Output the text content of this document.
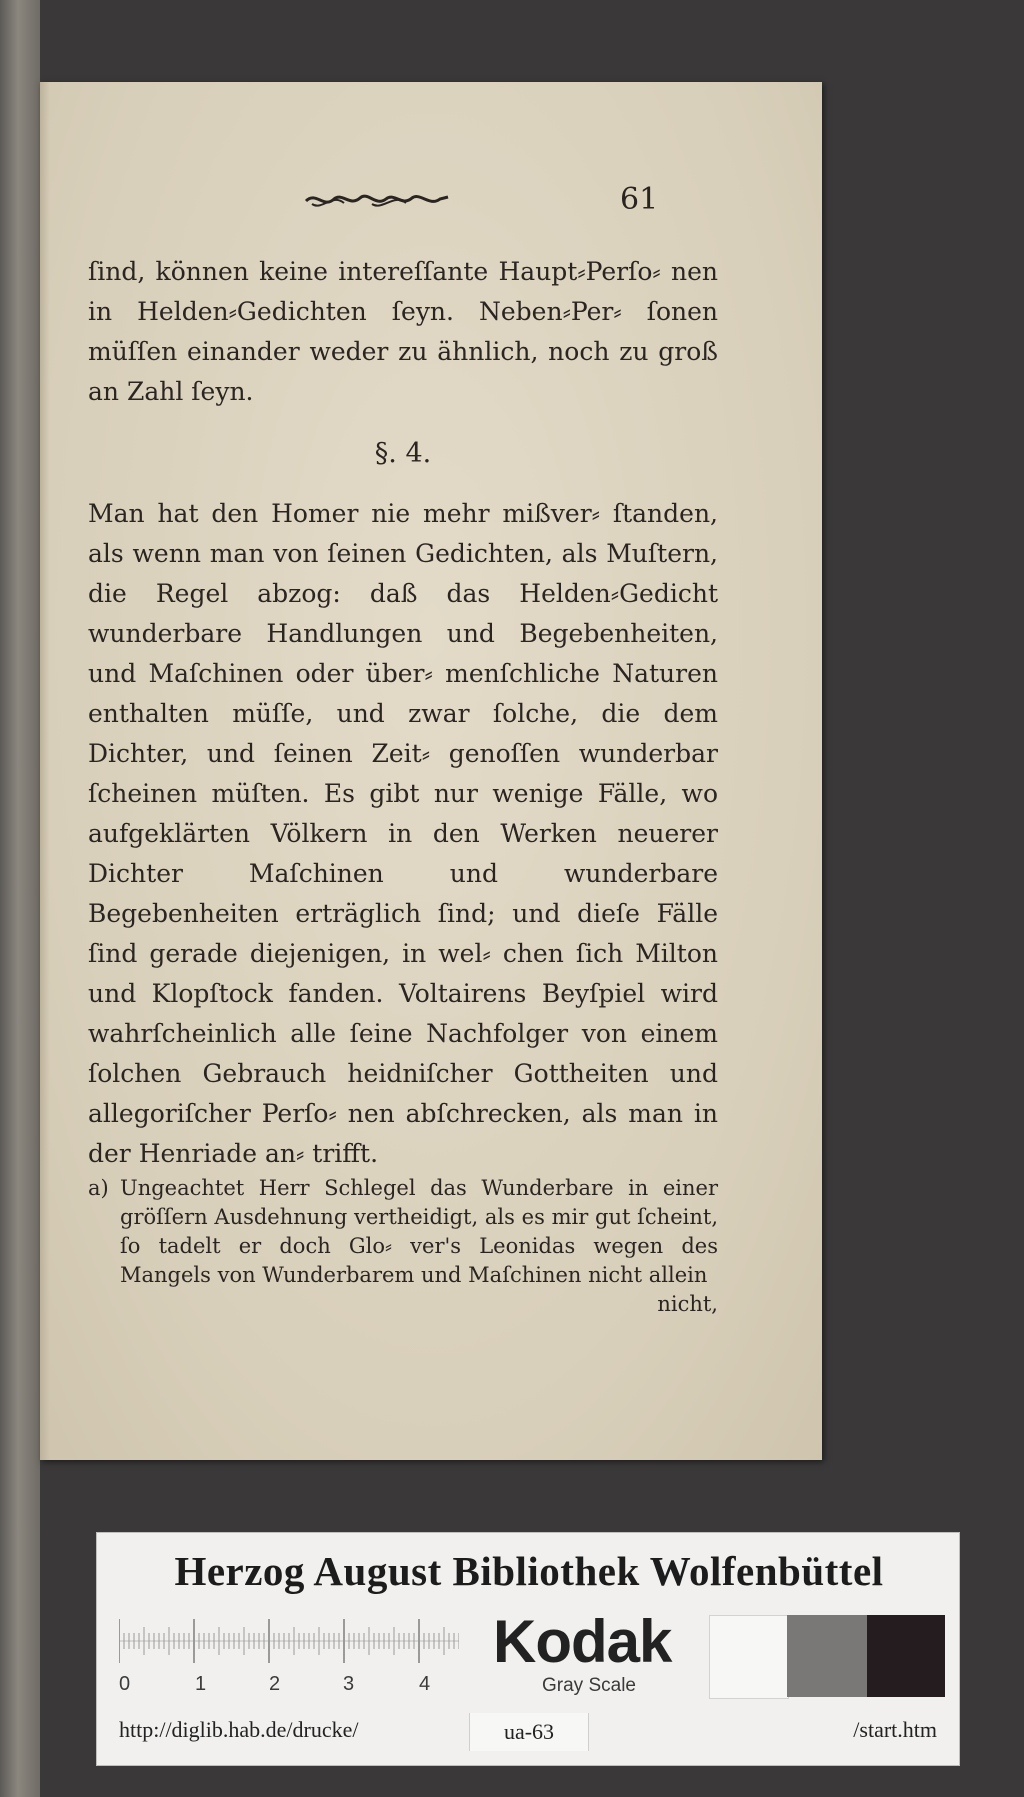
61

ſind, können keine intereſſante Haupt⸗Perſo⸗ nen in Helden⸗Gedichten ſeyn. Neben⸗Per⸗ ſonen müſſen einander weder zu ähnlich, noch zu groß an Zahl ſeyn.

§. 4.

Man hat den Homer nie mehr mißver⸗ ſtanden, als wenn man von ſeinen Gedichten, als Muſtern, die Regel abzog: daß das Helden⸗Gedicht wunderbare Handlungen und Begebenheiten, und Maſchinen oder über⸗ menſchliche Naturen enthalten müſſe, und zwar ſolche, die dem Dichter, und ſeinen Zeit⸗ genoſſen wunderbar ſcheinen müſten. Es gibt nur wenige Fälle, wo aufgeklärten Völkern in den Werken neuerer Dichter Maſchinen und wunderbare Begebenheiten erträglich ſind; und dieſe Fälle ſind gerade diejenigen, in wel⸗ chen ſich Milton und Klopſtock fanden. Voltairens Beyſpiel wird wahrſcheinlich alle ſeine Nachfolger von einem ſolchen Gebrauch heidniſcher Gottheiten und allegoriſcher Perſo⸗ nen abſchrecken, als man in der Henriade an⸗ trifft.

a) Ungeachtet Herr Schlegel das Wunderbare in einer gröſſern Ausdehnung vertheidigt, als es mir gut ſcheint, ſo tadelt er doch Glo⸗ ver's Leonidas wegen des Mangels von Wunderbarem und Maſchinen nicht allein

nicht,
Herzog August Bibliothek Wolfenbüttel
0	1	2	3	4
Kodak
Gray Scale
http://diglib.hab.de/drucke/	ua-63	/start.htm
